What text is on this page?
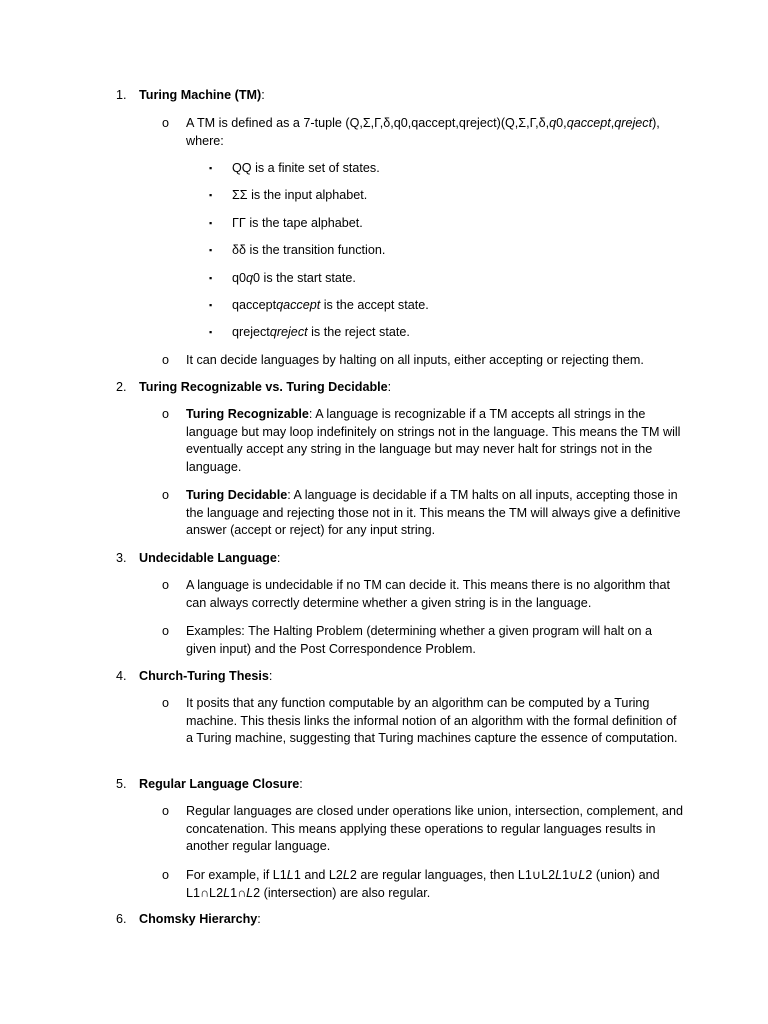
1. Turing Machine (TM):

o A TM is defined as a 7-tuple (Q,Σ,Γ,δ,q0,qaccept,qreject)(Q,Σ,Γ,δ,q0,qaccept,qreject), where:

▪ QQ is a finite set of states.

▪ ΣΣ is the input alphabet.

▪ ΓΓ is the tape alphabet.

▪ δδ is the transition function.

▪ q0q0 is the start state.

▪ qacceptqaccept is the accept state.

▪ qrejectqreject is the reject state.

o It can decide languages by halting on all inputs, either accepting or rejecting them.

2. Turing Recognizable vs. Turing Decidable:

o Turing Recognizable: A language is recognizable if a TM accepts all strings in the language but may loop indefinitely on strings not in the language. This means the TM will eventually accept any string in the language but may never halt for strings not in the language.

o Turing Decidable: A language is decidable if a TM halts on all inputs, accepting those in the language and rejecting those not in it. This means the TM will always give a definitive answer (accept or reject) for any input string.

3. Undecidable Language:

o A language is undecidable if no TM can decide it. This means there is no algorithm that can always correctly determine whether a given string is in the language.

o Examples: The Halting Problem (determining whether a given program will halt on a given input) and the Post Correspondence Problem.

4. Church-Turing Thesis:

o It posits that any function computable by an algorithm can be computed by a Turing machine. This thesis links the informal notion of an algorithm with the formal definition of a Turing machine, suggesting that Turing machines capture the essence of computation.

5. Regular Language Closure:

o Regular languages are closed under operations like union, intersection, complement, and concatenation. This means applying these operations to regular languages results in another regular language.

o For example, if L1L1 and L2L2 are regular languages, then L1∪L2L1∪L2 (union) and L1∩L2L1∩L2 (intersection) are also regular.

6. Chomsky Hierarchy:
